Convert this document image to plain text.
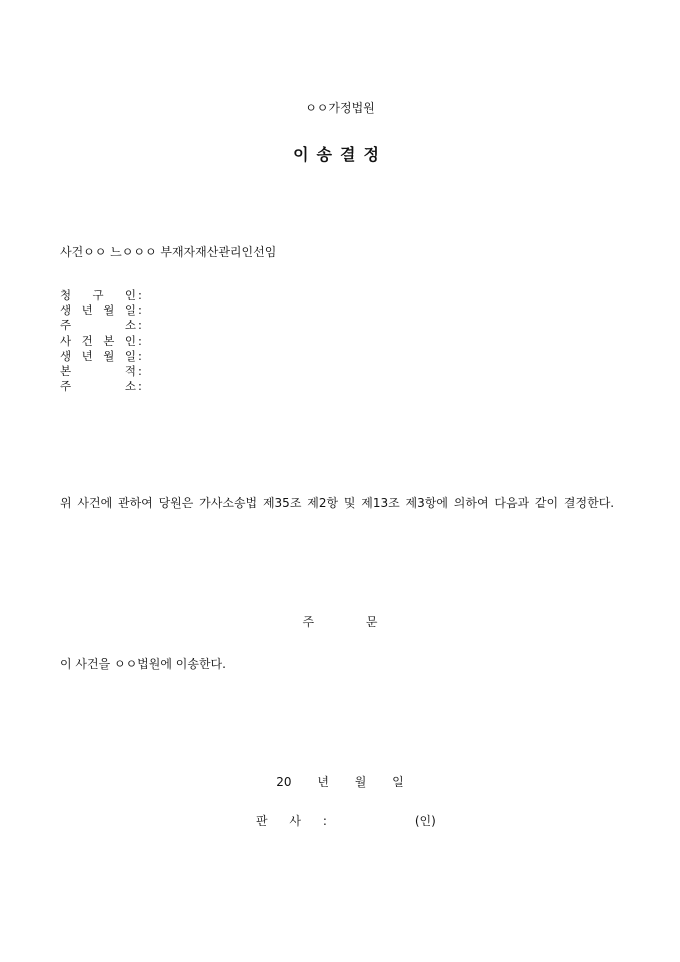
ㅇㅇ가정법원
이송결정
사건ㅇㅇ 느ㅇㅇㅇ 부재자재산관리인선임
청 구 인 :
생 년 월 일 :
주	소 :
사 건 본 인 :
생 년 월 일 :
본	적 :
주	소 :
위 사건에 관하여 당원은 가사소송법 제35조 제2항 및 제13조 제3항에 의하여 다음과 같이 결정한다.
주 문
이 사건을 ㅇㅇ법원에 이송한다.
20 년 월 일
판 사 :	(인)
